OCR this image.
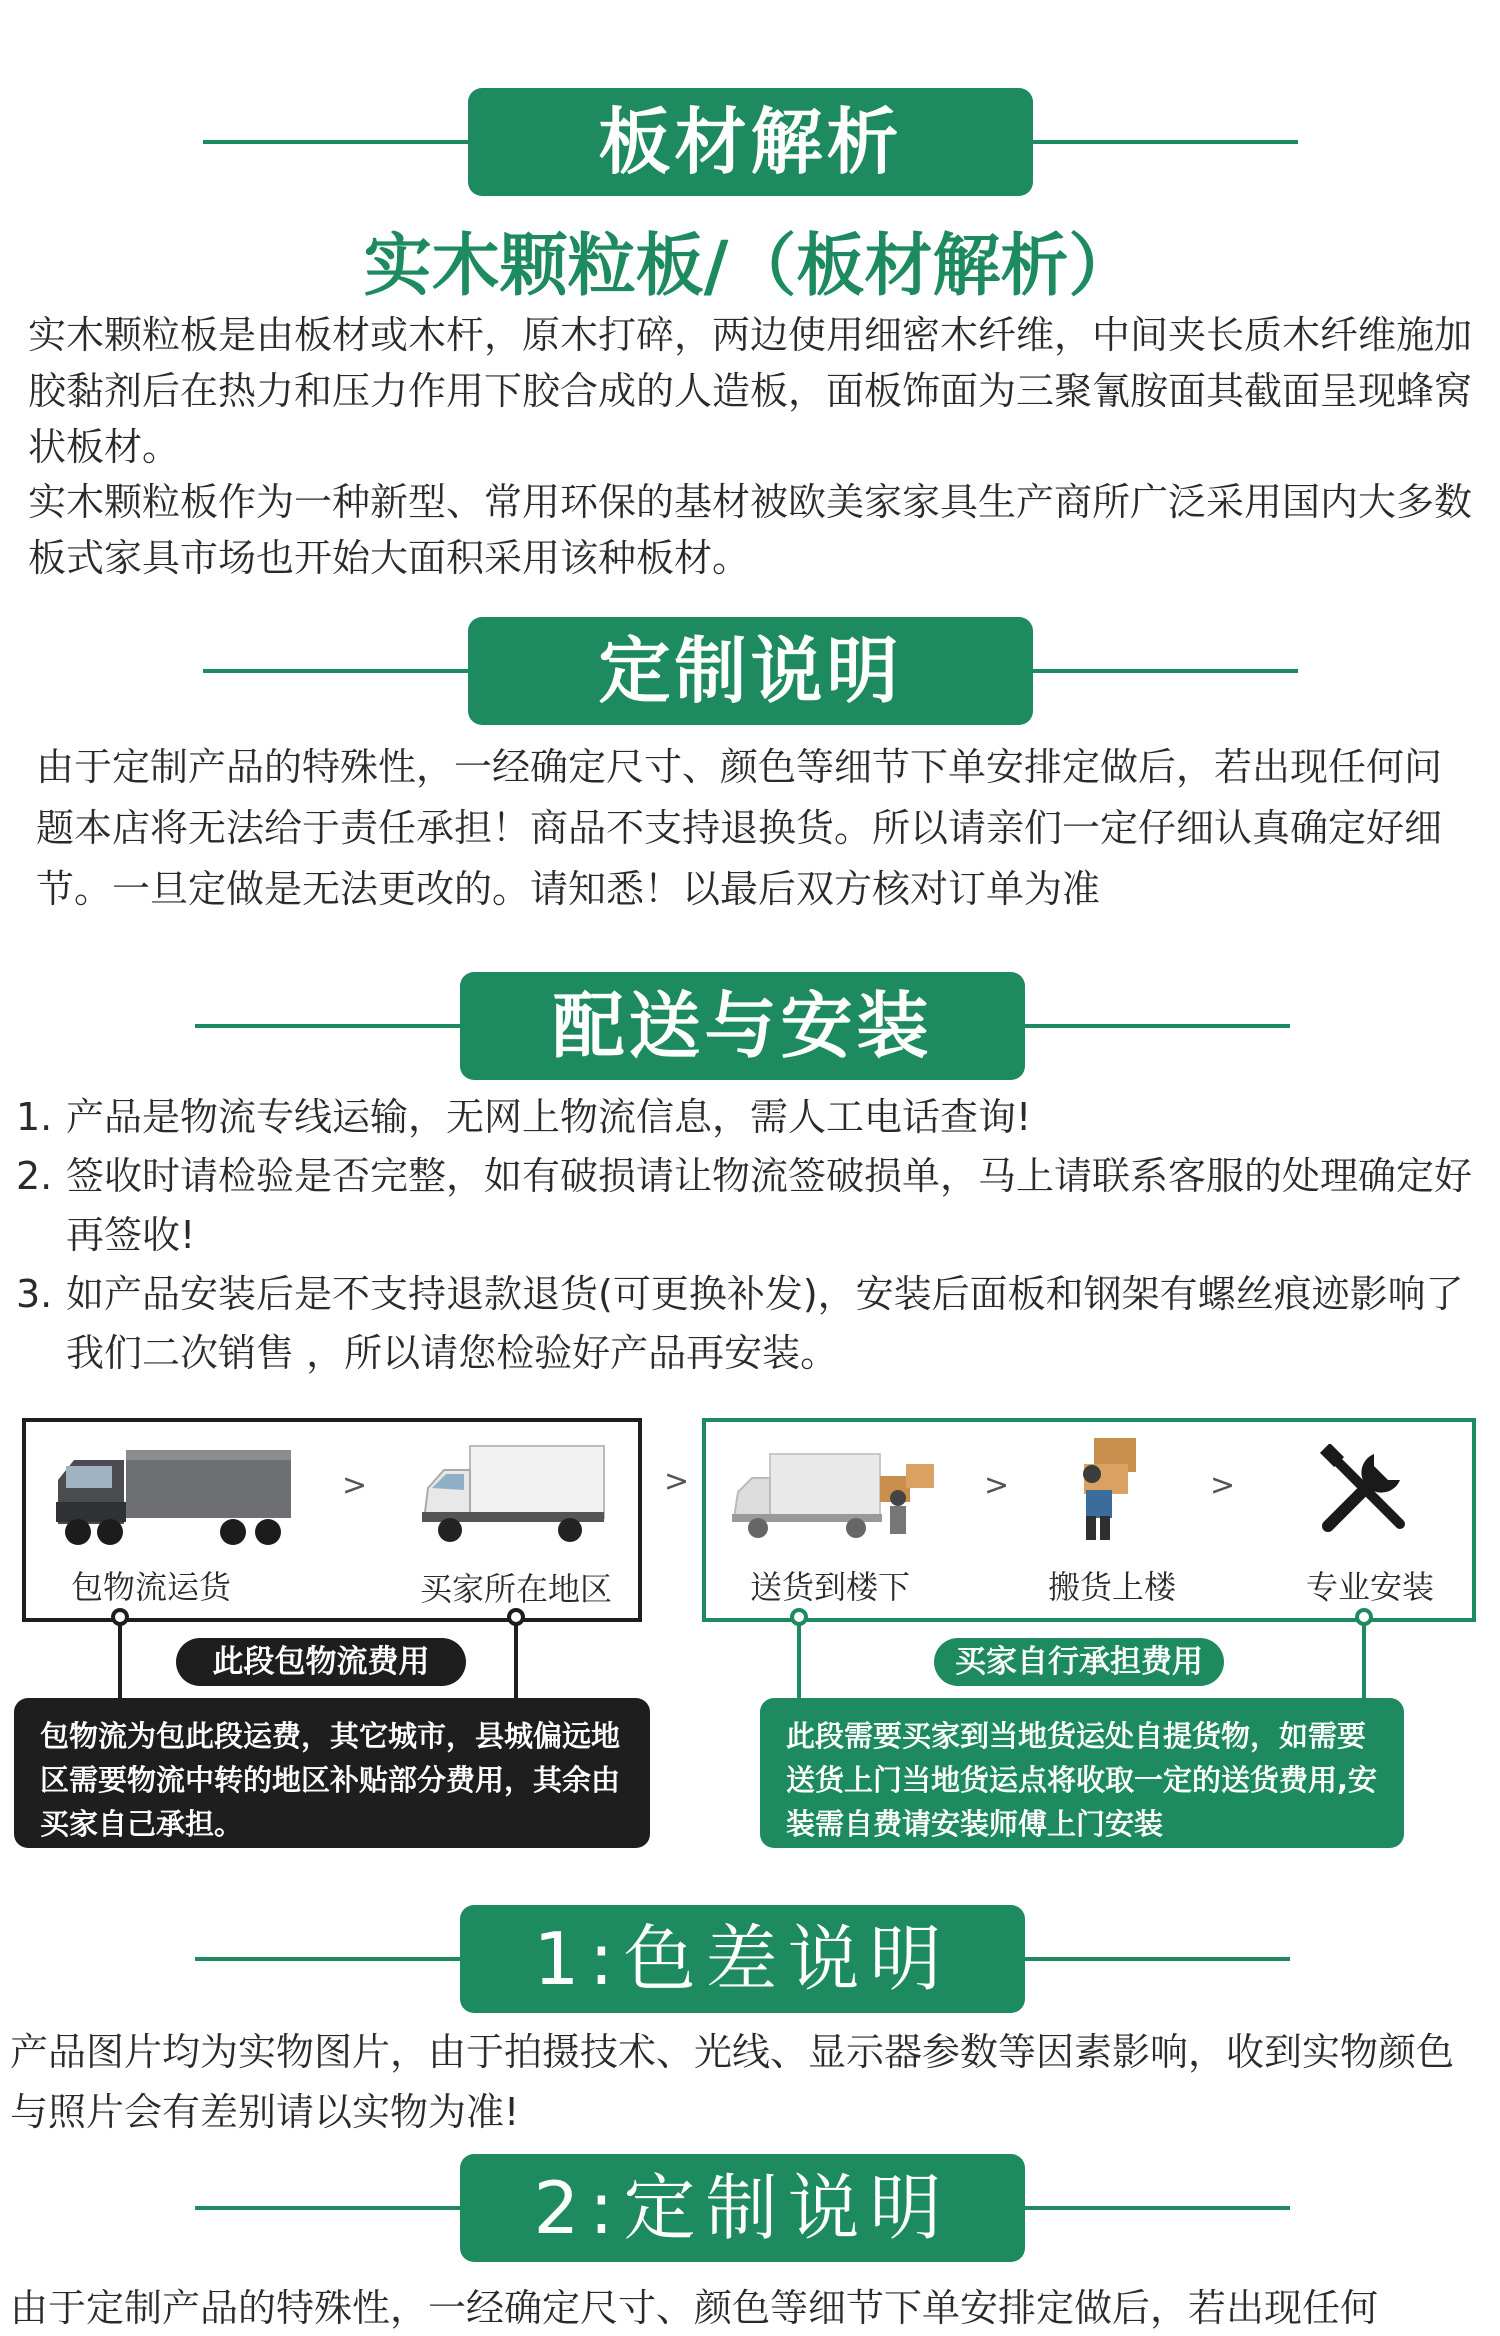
板材解析
实木颗粒板/（板材解析）

实木颗粒板是由板材或木杆，原木打碎，两边使用细密木纤维，中间夹长质木纤维施加胶黏剂后在热力和压力作用下胶合成的人造板，面板饰面为三聚氰胺面其截面呈现蜂窝状板材。

实木颗粒板作为一种新型、常用环保的基材被欧美家家具生产商所广泛采用国内大多数板式家具市场也开始大面积采用该种板材。

定制说明

由于定制产品的特殊性，一经确定尺寸、颜色等细节下单安排定做后，若出现任何问题本店将无法给于责任承担！商品不支持退换货。所以请亲们一定仔细认真确定好细节。一旦定做是无法更改的。请知悉！以最后双方核对订单为准

配送与安装
1. 产品是物流专线运输，无网上物流信息，需人工电话查询!
2. 签收时请检验是否完整，如有破损请让物流签破损单，马上请联系客服的处理确定好再签收!
3. 如产品安装后是不支持退款退货(可更换补发)，安装后面板和钢架有螺丝痕迹影响了我们二次销售 ，所以请您检验好产品再安装。
>
包物流运货	买家所在地区
>	>	>
送货到楼下	搬货上楼	专业安装
此段包物流费用	买家自行承担费用
包物流为包此段运费，其它城市，县城偏远地区需要物流中转的地区补贴部分费用，其余由买家自己承担。
此段需要买家到当地货运处自提货物，如需要送货上门当地货运点将收取一定的送货费用,安装需自费请安装师傅上门安装
1:色差说明

产品图片均为实物图片，由于拍摄技术、光线、显示器参数等因素影响，收到实物颜色与照片会有差别请以实物为准!

2:定制说明

由于定制产品的特殊性，一经确定尺寸、颜色等细节下单安排定做后，若出现任何
